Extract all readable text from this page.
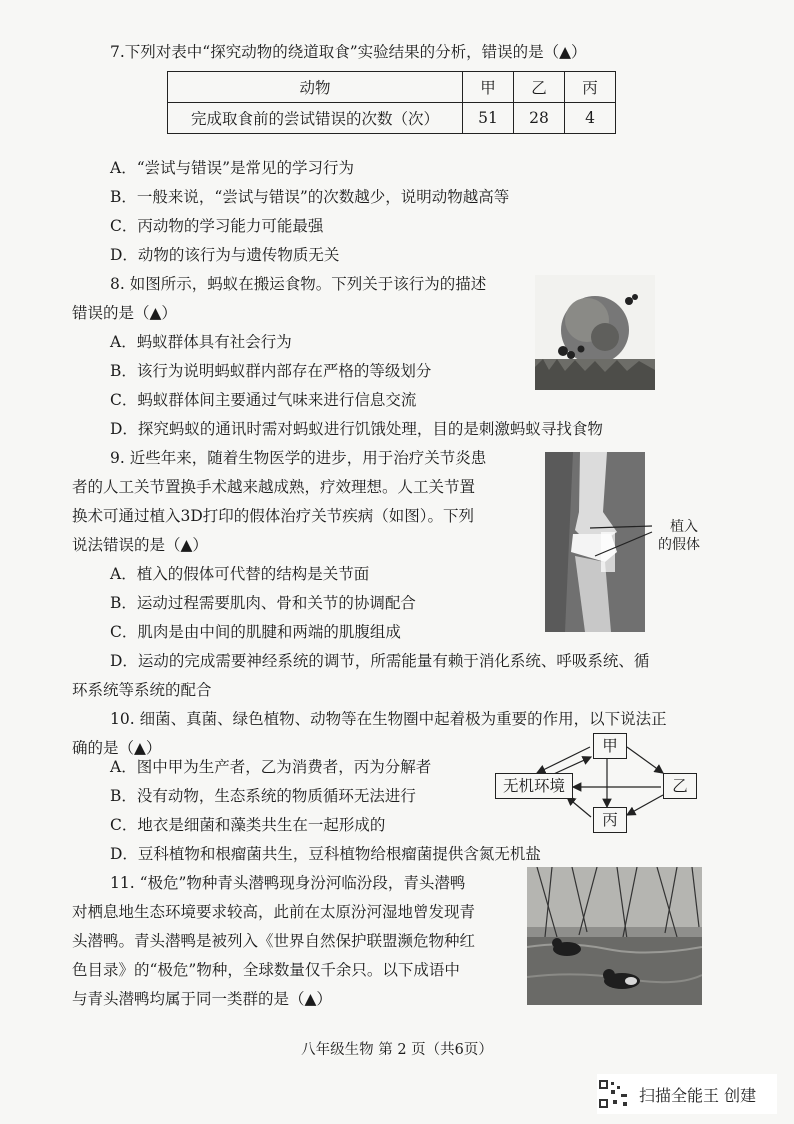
7.下列对表中“探究动物的绕道取食”实验结果的分析，错误的是（▲）
动物	甲	乙	丙
完成取食前的尝试错误的次数（次）	51	28	4
A．“尝试与错误”是常见的学习行为
B．一般来说，“尝试与错误”的次数越少，说明动物越高等
C．丙动物的学习能力可能最强
D．动物的该行为与遗传物质无关
8. 如图所示，蚂蚁在搬运食物。下列关于该行为的描述
错误的是（▲）
A．蚂蚁群体具有社会行为
B．该行为说明蚂蚁群内部存在严格的等级划分
C．蚂蚁群体间主要通过气味来进行信息交流
D．探究蚂蚁的通讯时需对蚂蚁进行饥饿处理，目的是刺激蚂蚁寻找食物
9. 近些年来，随着生物医学的进步，用于治疗关节炎患
者的人工关节置换手术越来越成熟，疗效理想。人工关节置
换术可通过植入3D打印的假体治疗关节疾病（如图）。下列
说法错误的是（▲）
植入
的假体
A．植入的假体可代替的结构是关节面
B．运动过程需要肌肉、骨和关节的协调配合
C．肌肉是由中间的肌腱和两端的肌腹组成
D．运动的完成需要神经系统的调节，所需能量有赖于消化系统、呼吸系统、循
环系统等系统的配合
10. 细菌、真菌、绿色植物、动物等在生物圈中起着极为重要的作用，以下说法正
确的是（▲）	甲
无机环境	乙
丙
A．图中甲为生产者，乙为消费者，丙为分解者
B．没有动物，生态系统的物质循环无法进行
C．地衣是细菌和藻类共生在一起形成的
D．豆科植物和根瘤菌共生，豆科植物给根瘤菌提供含氮无机盐
11. “极危”物种青头潜鸭现身汾河临汾段，青头潜鸭
对栖息地生态环境要求较高，此前在太原汾河湿地曾发现青
头潜鸭。青头潜鸭是被列入《世界自然保护联盟濒危物种红
色目录》的“极危”物种，全球数量仅千余只。以下成语中
与青头潜鸭均属于同一类群的是（▲）
八年级生物 第 2 页（共6页）
扫描全能王 创建
